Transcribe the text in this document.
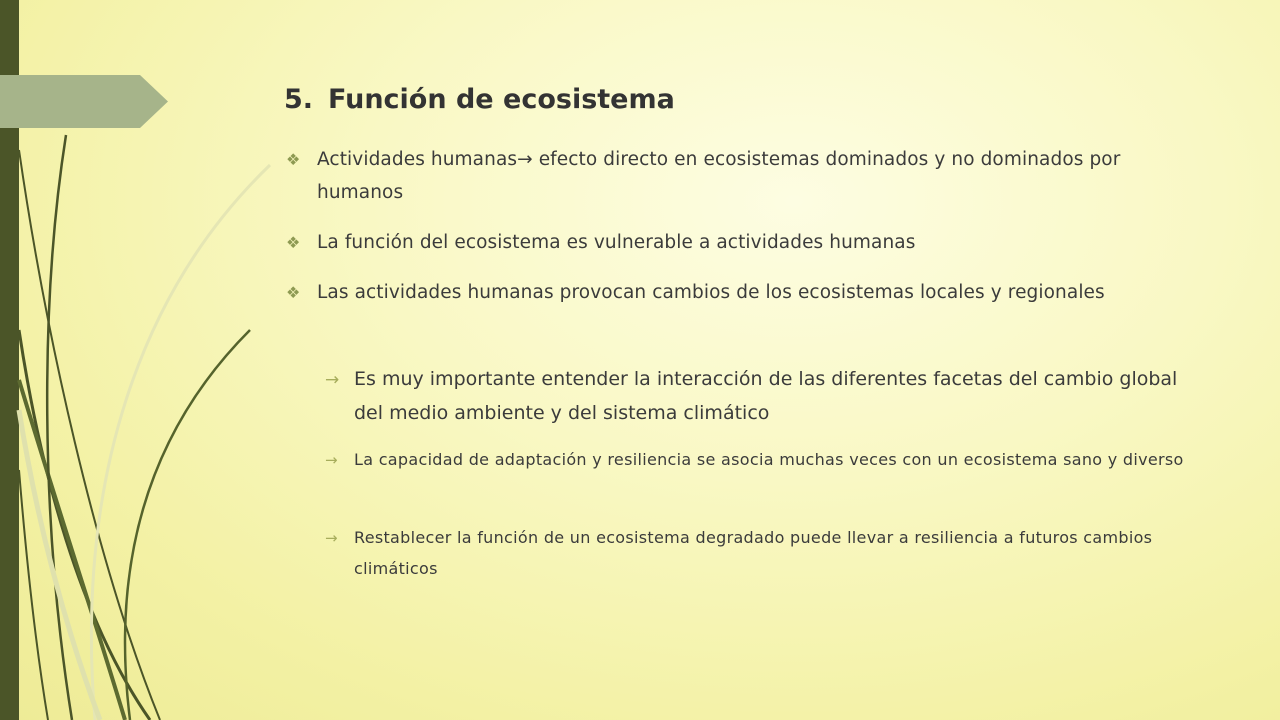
5. Función de ecosistema
❖ Actividades humanas→ efecto directo en ecosistemas dominados y no dominados por humanos
❖ La función del ecosistema es vulnerable a actividades humanas
❖ Las actividades humanas provocan cambios de los ecosistemas locales y regionales
→ Es muy importante entender la interacción de las diferentes facetas del cambio global del medio ambiente y del sistema climático
→ La capacidad de adaptación y resiliencia se asocia muchas veces con un ecosistema sano y diverso
→ Restablecer la función de un ecosistema degradado puede llevar a resiliencia a futuros cambios climáticos
